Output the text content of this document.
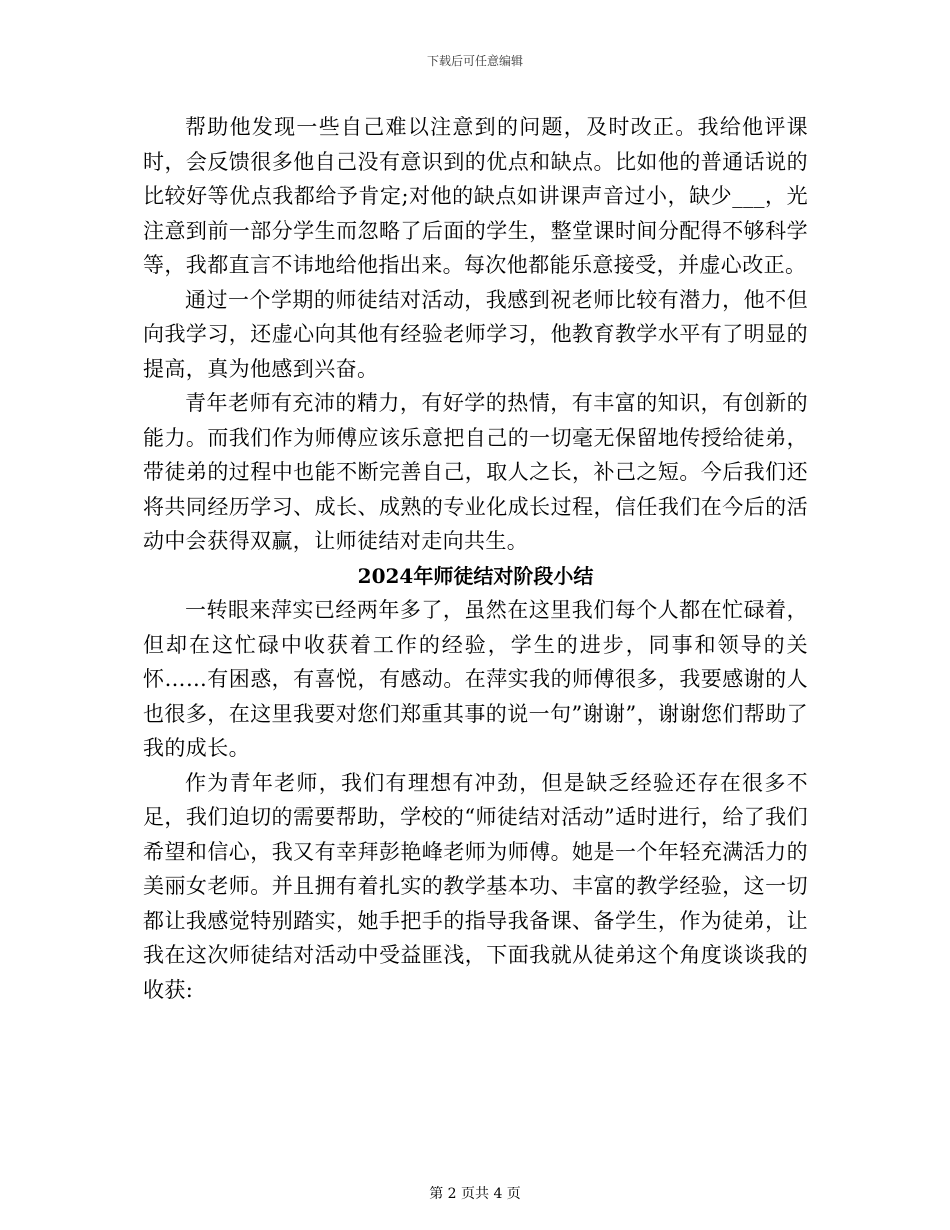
下载后可任意编辑

帮助他发现一些自己难以注意到的问题，及时改正。我给他评课时，会反馈很多他自己没有意识到的优点和缺点。比如他的普通话说的比较好等优点我都给予肯定;对他的缺点如讲课声音过小，缺少___，光注意到前一部分学生而忽略了后面的学生，整堂课时间分配得不够科学等，我都直言不讳地给他指出来。每次他都能乐意接受，并虚心改正。

通过一个学期的师徒结对活动，我感到祝老师比较有潜力，他不但向我学习，还虚心向其他有经验老师学习，他教育教学水平有了明显的提高，真为他感到兴奋。

青年老师有充沛的精力，有好学的热情，有丰富的知识，有创新的能力。而我们作为师傅应该乐意把自己的一切毫无保留地传授给徒弟，带徒弟的过程中也能不断完善自己，取人之长，补己之短。今后我们还将共同经历学习、成长、成熟的专业化成长过程，信任我们在今后的活动中会获得双赢，让师徒结对走向共生。

2024年师徒结对阶段小结

一转眼来萍实已经两年多了，虽然在这里我们每个人都在忙碌着，但却在这忙碌中收获着工作的经验，学生的进步，同事和领导的关怀……有困惑，有喜悦，有感动。在萍实我的师傅很多，我要感谢的人也很多，在这里我要对您们郑重其事的说一句”谢谢”，谢谢您们帮助了我的成长。

作为青年老师，我们有理想有冲劲，但是缺乏经验还存在很多不足，我们迫切的需要帮助，学校的“师徒结对活动”适时进行，给了我们希望和信心，我又有幸拜彭艳峰老师为师傅。她是一个年轻充满活力的美丽女老师。并且拥有着扎实的教学基本功、丰富的教学经验，这一切都让我感觉特别踏实，她手把手的指导我备课、备学生，作为徒弟，让我在这次师徒结对活动中受益匪浅，下面我就从徒弟这个角度谈谈我的收获:

第 2 页共 4 页
